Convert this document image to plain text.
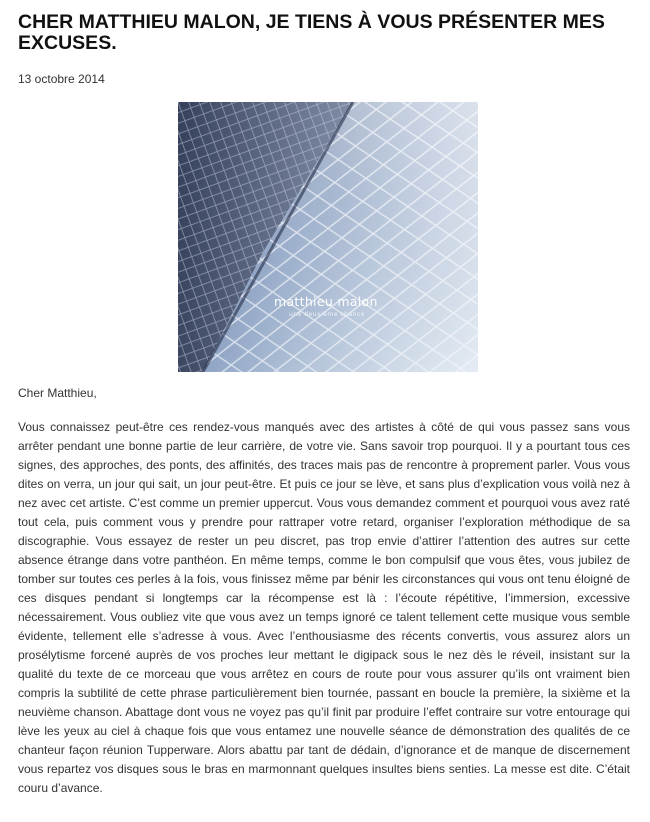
CHER MATTHIEU MALON, JE TIENS À VOUS PRÉSENTER MES EXCUSES.
13 octobre 2014
matthieu malon
une deuxième chance
Cher Matthieu,

Vous connaissez peut-être ces rendez-vous manqués avec des artistes à côté de qui vous passez sans vous arrêter pendant une bonne partie de leur carrière, de votre vie. Sans savoir trop pourquoi. Il y a pourtant tous ces signes, des approches, des ponts, des affinités, des traces mais pas de rencontre à proprement parler. Vous vous dites on verra, un jour qui sait, un jour peut-être. Et puis ce jour se lève, et sans plus d’explication vous voilà nez à nez avec cet artiste. C’est comme un premier uppercut. Vous vous demandez comment et pourquoi vous avez raté tout cela, puis comment vous y prendre pour rattraper votre retard, organiser l’exploration méthodique de sa discographie. Vous essayez de rester un peu discret, pas trop envie d’attirer l’attention des autres sur cette absence étrange dans votre panthéon. En même temps, comme le bon compulsif que vous êtes, vous jubilez de tomber sur toutes ces perles à la fois, vous finissez même par bénir les circonstances qui vous ont tenu éloigné de ces disques pendant si longtemps car la récompense est là : l’écoute répétitive, l’immersion, excessive nécessairement. Vous oubliez vite que vous avez un temps ignoré ce talent tellement cette musique vous semble évidente, tellement elle s’adresse à vous. Avec l’enthousiasme des récents convertis, vous assurez alors un prosélytisme forcené auprès de vos proches leur mettant le digipack sous le nez dès le réveil, insistant sur la qualité du texte de ce morceau que vous arrêtez en cours de route pour vous assurer qu’ils ont vraiment bien compris la subtilité de cette phrase particulièrement bien tournée, passant en boucle la première, la sixième et la neuvième chanson. Abattage dont vous ne voyez pas qu’il finit par produire l’effet contraire sur votre entourage qui lève les yeux au ciel à chaque fois que vous entamez une nouvelle séance de démonstration des qualités de ce chanteur façon réunion Tupperware. Alors abattu par tant de dédain, d’ignorance et de manque de discernement vous repartez vos disques sous le bras en marmonnant quelques insultes biens senties. La messe est dite. C’était couru d’avance.
